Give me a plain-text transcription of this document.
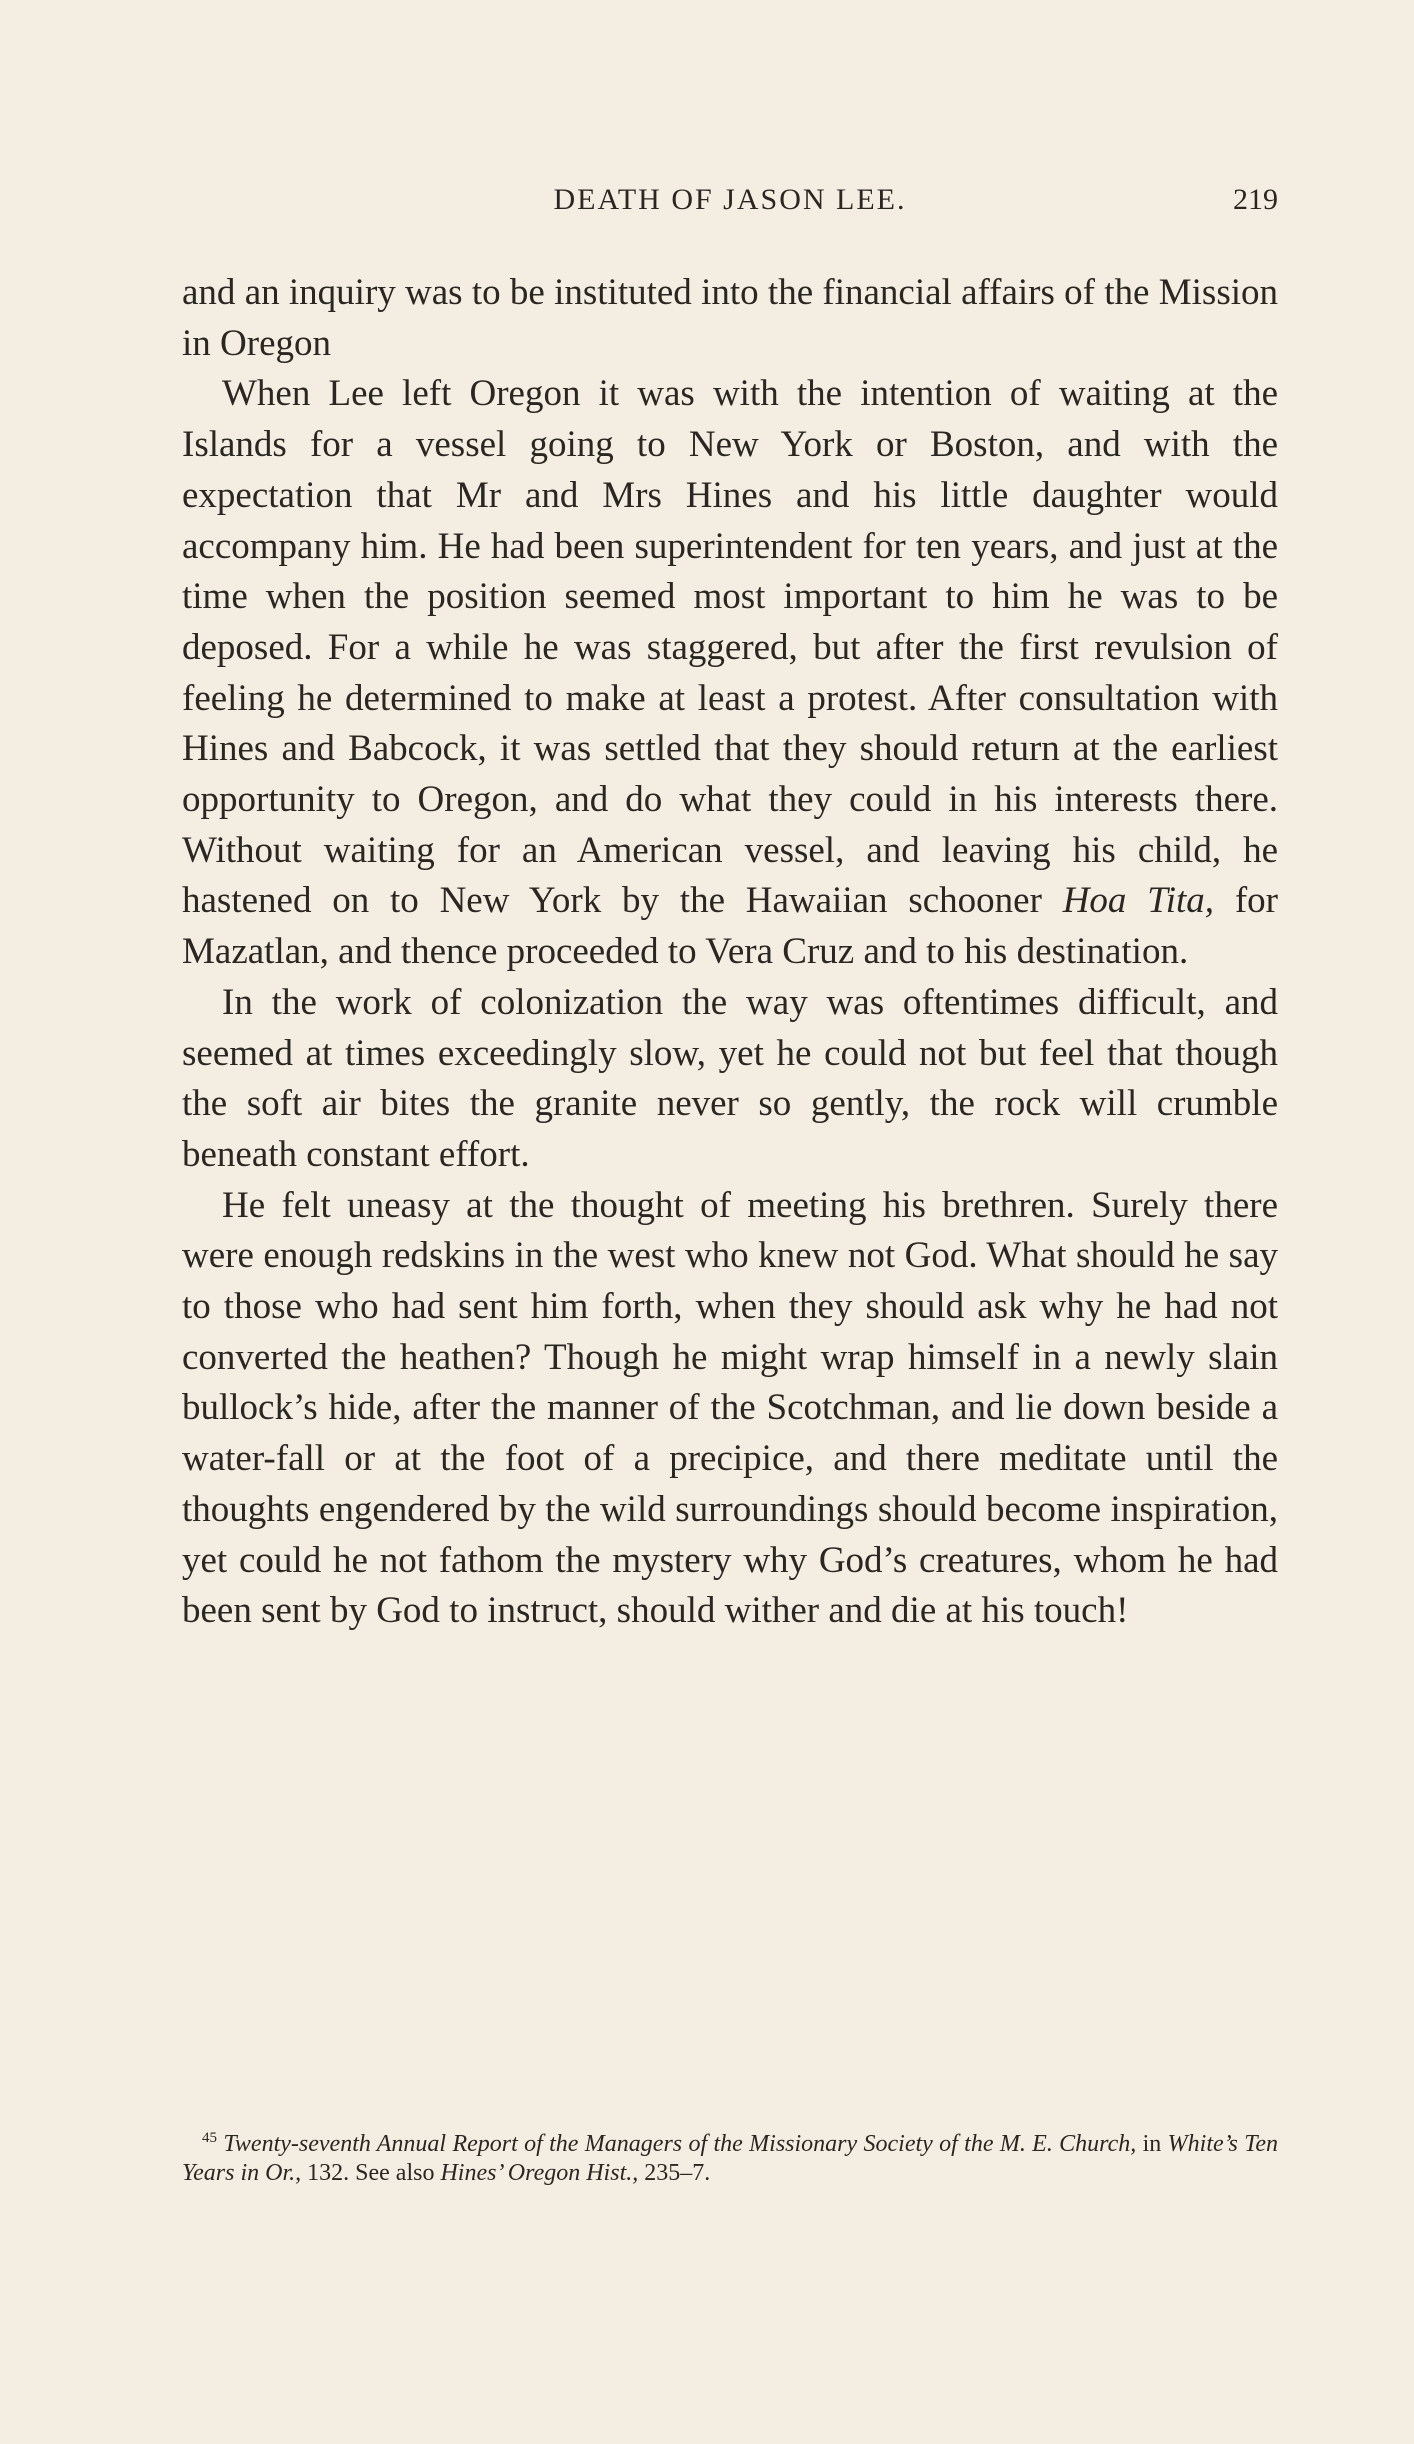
DEATH OF JASON LEE.	219

and an inquiry was to be instituted into the financial affairs of the Mission in Oregon

When Lee left Oregon it was with the intention of waiting at the Islands for a vessel going to New York or Boston, and with the expectation that Mr and Mrs Hines and his little daughter would accompany him. He had been superintendent for ten years, and just at the time when the position seemed most important to him he was to be deposed. For a while he was staggered, but after the first revulsion of feeling he determined to make at least a protest. After consultation with Hines and Babcock, it was settled that they should return at the earliest opportunity to Oregon, and do what they could in his interests there. Without waiting for an American vessel, and leaving his child, he hastened on to New York by the Hawaiian schooner Hoa Tita, for Mazatlan, and thence proceeded to Vera Cruz and to his destination.

In the work of colonization the way was oftentimes difficult, and seemed at times exceedingly slow, yet he could not but feel that though the soft air bites the granite never so gently, the rock will crumble beneath constant effort.

He felt uneasy at the thought of meeting his brethren. Surely there were enough redskins in the west who knew not God. What should he say to those who had sent him forth, when they should ask why he had not converted the heathen? Though he might wrap himself in a newly slain bullock’s hide, after the manner of the Scotchman, and lie down beside a water-fall or at the foot of a precipice, and there meditate until the thoughts engendered by the wild surroundings should become inspiration, yet could he not fathom the mystery why God’s creatures, whom he had been sent by God to instruct, should wither and die at his touch!

$^{45}$ Twenty-seventh Annual Report of the Managers of the Missionary Society of the M. E. Church, in White’s Ten Years in Or., 132. See also Hines’ Oregon Hist., 235–7.
